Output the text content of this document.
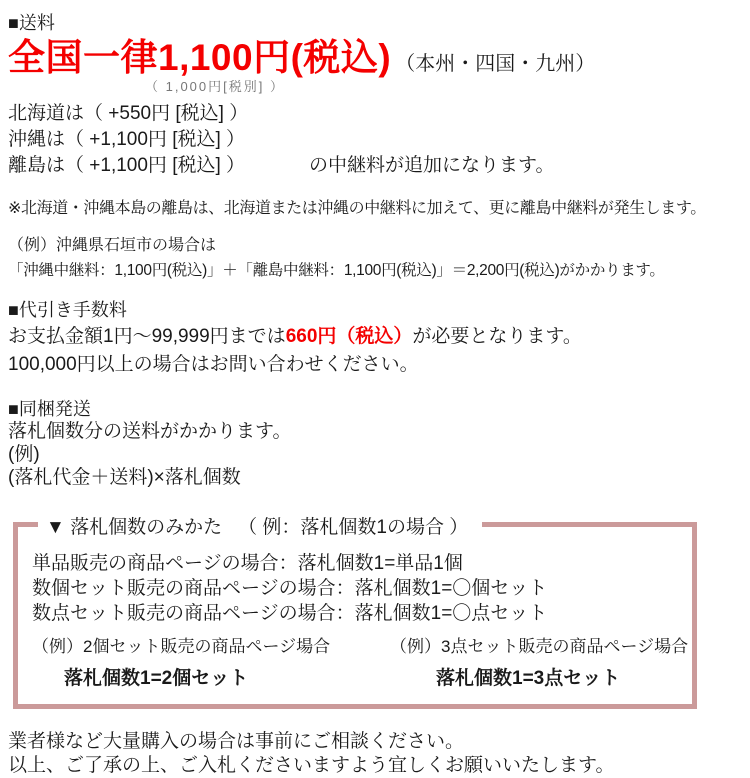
■送料
全国一律1,100円(税込) （本州・四国・九州）
（ 1,000円[税別] ）
北海道は（ +550円 [税込] ）
沖縄は（ +1,100円 [税込] ）
離島は（ +1,100円 [税込] ）	の中継料が追加になります。
※北海道・沖縄本島の離島は、北海道または沖縄の中継料に加えて、更に離島中継料が発生します。
（例）沖縄県石垣市の場合は
「沖縄中継料：1,100円(税込)」＋「離島中継料：1,100円(税込)」＝2,200円(税込)がかかります。
■代引き手数料
お支払金額1円～99,999円までは660円（税込）が必要となります。
100,000円以上の場合はお問い合わせください。
■同梱発送
落札個数分の送料がかかります。
(例)
(落札代金＋送料)×落札個数
▼ 落札個数のみかた （ 例：落札個数1の場合 ）
単品販売の商品ページの場合：落札個数1=単品1個
数個セット販売の商品ページの場合：落札個数1=〇個セット
数点セット販売の商品ページの場合：落札個数1=〇点セット
（例）2個セット販売の商品ページ場合
落札個数1=2個セット
（例）3点セット販売の商品ページ場合
落札個数1=3点セット
業者様など大量購入の場合は事前にご相談ください。
以上、ご了承の上、ご入札くださいますよう宜しくお願いいたします。
